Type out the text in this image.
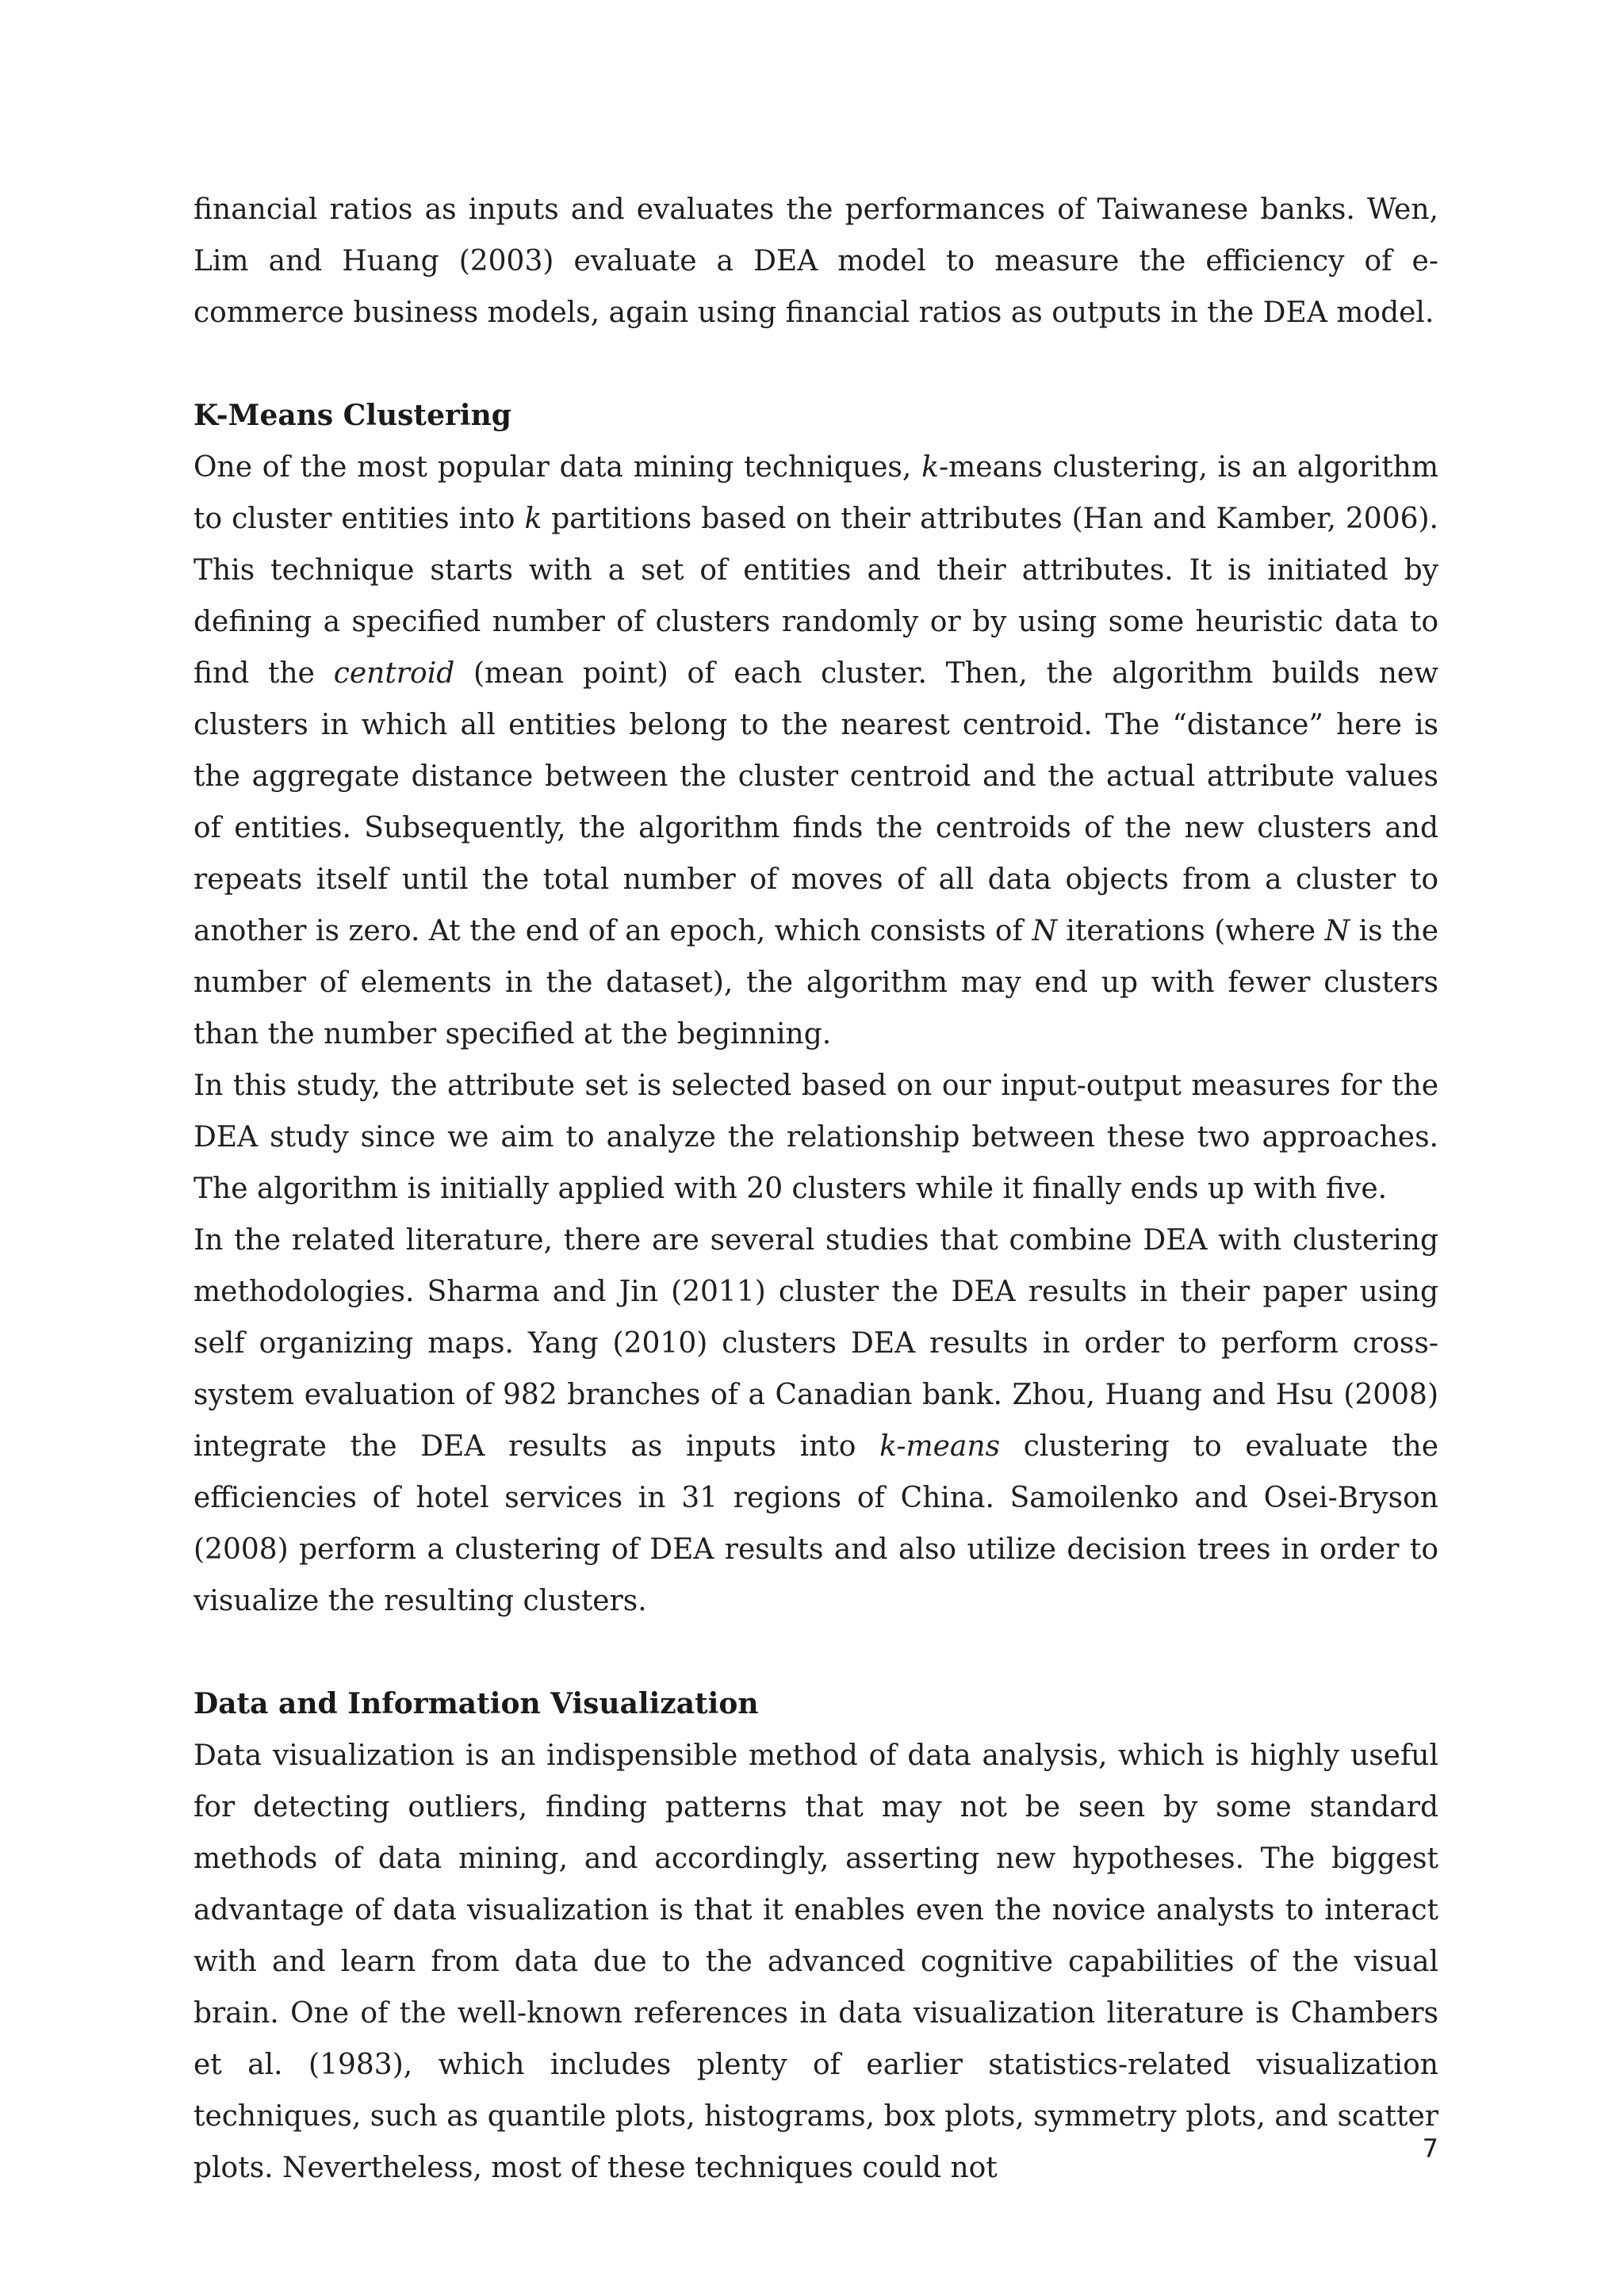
financial ratios as inputs and evaluates the performances of Taiwanese banks. Wen, Lim and Huang (2003) evaluate a DEA model to measure the efficiency of e-commerce business models, again using financial ratios as outputs in the DEA model.

K-Means Clustering

One of the most popular data mining techniques, k-means clustering, is an algorithm to cluster entities into k partitions based on their attributes (Han and Kamber, 2006). This technique starts with a set of entities and their attributes. It is initiated by defining a specified number of clusters randomly or by using some heuristic data to find the centroid (mean point) of each cluster. Then, the algorithm builds new clusters in which all entities belong to the nearest centroid. The “distance” here is the aggregate distance between the cluster centroid and the actual attribute values of entities. Subsequently, the algorithm finds the centroids of the new clusters and repeats itself until the total number of moves of all data objects from a cluster to another is zero. At the end of an epoch, which consists of N iterations (where N is the number of elements in the dataset), the algorithm may end up with fewer clusters than the number specified at the beginning.

In this study, the attribute set is selected based on our input-output measures for the DEA study since we aim to analyze the relationship between these two approaches. The algorithm is initially applied with 20 clusters while it finally ends up with five.

In the related literature, there are several studies that combine DEA with clustering methodologies. Sharma and Jin (2011) cluster the DEA results in their paper using self organizing maps. Yang (2010) clusters DEA results in order to perform cross-system evaluation of 982 branches of a Canadian bank. Zhou, Huang and Hsu (2008) integrate the DEA results as inputs into k-means clustering to evaluate the efficiencies of hotel services in 31 regions of China. Samoilenko and Osei-Bryson (2008) perform a clustering of DEA results and also utilize decision trees in order to visualize the resulting clusters.

Data and Information Visualization

Data visualization is an indispensible method of data analysis, which is highly useful for detecting outliers, finding patterns that may not be seen by some standard methods of data mining, and accordingly, asserting new hypotheses. The biggest advantage of data visualization is that it enables even the novice analysts to interact with and learn from data due to the advanced cognitive capabilities of the visual brain. One of the well-known references in data visualization literature is Chambers et al. (1983), which includes plenty of earlier statistics-related visualization techniques, such as quantile plots, histograms, box plots, symmetry plots, and scatter plots. Nevertheless, most of these techniques could not

7
